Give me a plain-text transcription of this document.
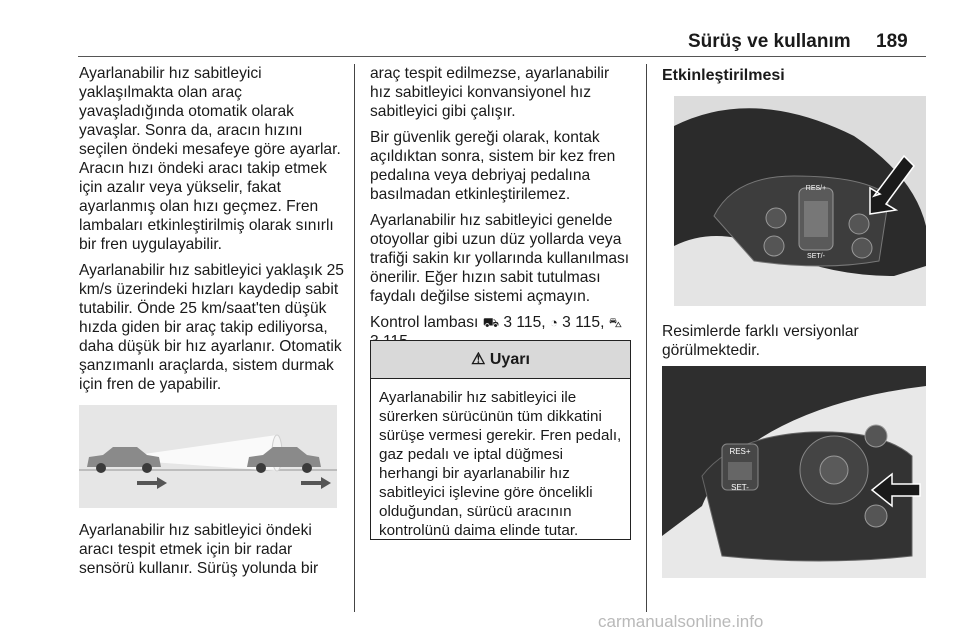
Sürüş ve kullanım 189

Ayarlanabilir hız sabitleyici yaklaşılmakta olan araç yavaşladığında otomatik olarak yavaşlar. Sonra da, aracın hızını seçilen öndeki mesafeye göre ayarlar. Aracın hızı öndeki aracı takip etmek için azalır veya yükselir, fakat ayarlanmış olan hızı geçmez. Fren lambaları etkinleştirilmiş olarak sınırlı bir fren uygulayabilir.

Ayarlanabilir hız sabitleyici yaklaşık 25 km/s üzerindeki hızları kaydedip sabit tutabilir. Önde 25 km/saat'ten düşük hızda giden bir araç takip ediliyorsa, daha düşük bir hız ayarlanır. Otomatik şanzımanlı araçlarda, sistem durmak için fren de yapabilir.

Ayarlanabilir hız sabitleyici öndeki aracı tespit etmek için bir radar sensörü kullanır. Sürüş yolunda bir

araç tespit edilmezse, ayarlanabilir hız sabitleyici konvansiyonel hız sabitleyici gibi çalışır.

Bir güvenlik gereği olarak, kontak açıldıktan sonra, sistem bir kez fren pedalına veya debriyaj pedalına basılmadan etkinleştirilemez.

Ayarlanabilir hız sabitleyici genelde otoyollar gibi uzun düz yollarda veya trafiği sakin kır yollarında kullanılması önerilir. Eğer hızın sabit tutulması faydalı değilse sistemi açmayın.

Kontrol lambası ⛟ 3 115, ◔ 3 115, ⛍

⚠ Uyarı
Ayarlanabilir hız sabitleyici ile sürerken sürücünün tüm dikkatini sürüşe vermesi gerekir. Fren pedalı, gaz pedalı ve iptal düğmesi herhangi bir ayarlanabilir hız sabitleyici işlevine göre öncelikli olduğundan, sürücü aracının kontrolünü daima elinde tutar.
Etkinleştirilmesi
RES/+
SET/-
Resimlerde farklı versiyonlar görülmektedir.
RES+
SET-
carmanualsonline.info
